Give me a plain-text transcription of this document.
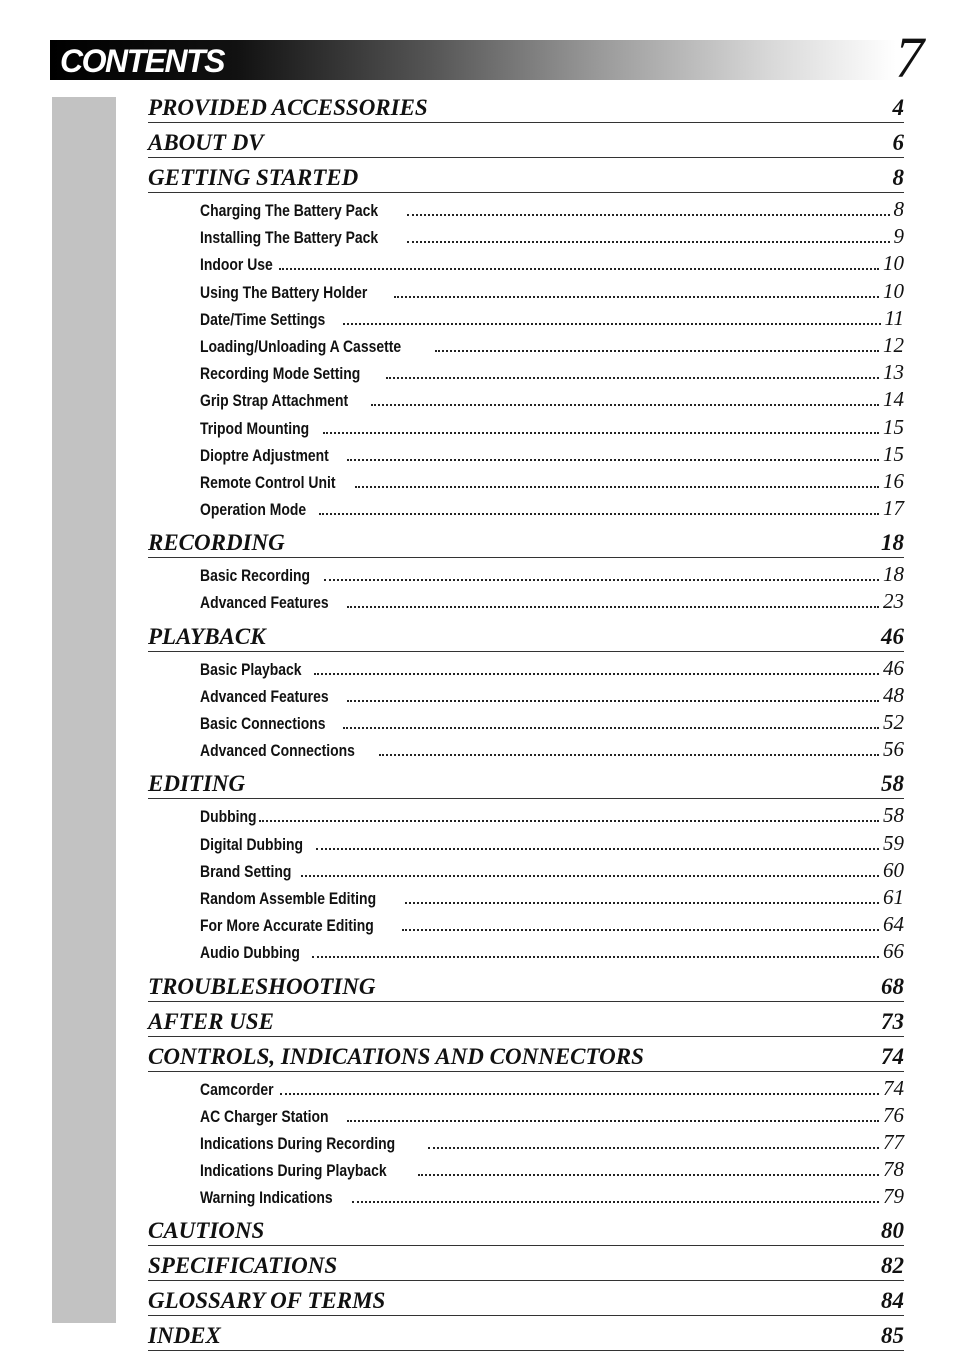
CONTENTS	7
PROVIDED ACCESSORIES	4
ABOUT DV	6
GETTING STARTED	8
Charging The Battery Pack	8
Installing The Battery Pack	9
Indoor Use	10
Using The Battery Holder	10
Date/Time Settings	11
Loading/Unloading A Cassette	12
Recording Mode Setting	13
Grip Strap Attachment	14
Tripod Mounting	15
Dioptre Adjustment	15
Remote Control Unit	16
Operation Mode	17
RECORDING	18
Basic Recording	18
Advanced Features	23
PLAYBACK	46
Basic Playback	46
Advanced Features	48
Basic Connections	52
Advanced Connections	56
EDITING	58
Dubbing	58
Digital Dubbing	59
Brand Setting	60
Random Assemble Editing	61
For More Accurate Editing	64
Audio Dubbing	66
TROUBLESHOOTING	68
AFTER USE	73
CONTROLS, INDICATIONS AND CONNECTORS	74
Camcorder	74
AC Charger Station	76
Indications During Recording	77
Indications During Playback	78
Warning Indications	79
CAUTIONS	80
SPECIFICATIONS	82
GLOSSARY OF TERMS	84
INDEX	85
